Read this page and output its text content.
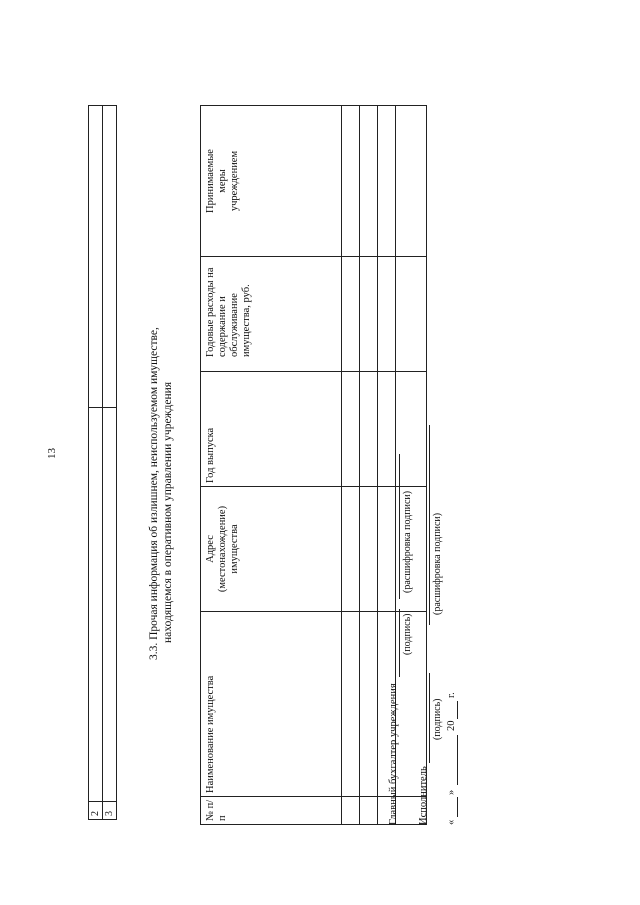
13
2		
3		
3.3. Прочая информация об излишнем, неиспользуемом имуществе, находящемся в оперативном управлении учреждения
№ п/п	Наименование имущества	Адрес (местонахождение) имущества	Год выпуска	Годовые расходы на содержание и обслуживание имущества, руб.	Принимаемые меры учреждением

Главный бухгалтер учреждения
(подпись)
(расшифровка подписи)
Исполнитель
(подпись)
(расшифровка подписи)
«
»
20
г.
